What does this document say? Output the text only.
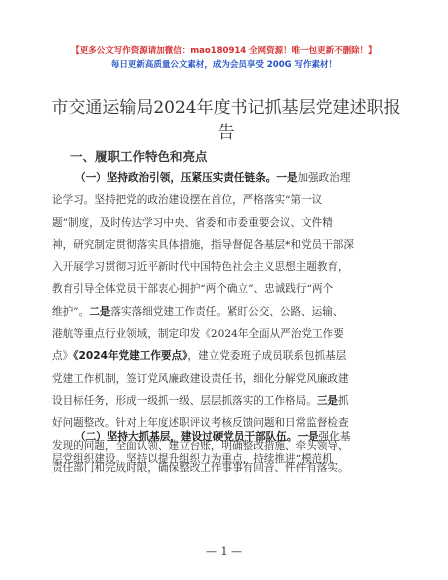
【更多公文写作资源请加微信：mao180914 全网资源！唯一包更新不删除！】
每日更新高质量公文素材，成为会员享受 200G 写作素材！
市交通运输局2024年度书记抓基层党建述职报
告
一、履职工作特色和亮点
（一）坚持政治引领，压紧压实责任链条。一是加强政治理
论学习。坚持把党的政治建设摆在首位，严格落实“第一议
题”制度，及时传达学习中央、省委和市委重要会议、文件精
神，研究制定贯彻落实具体措施，指导督促各基层*和党员干部深
入开展学习贯彻习近平新时代中国特色社会主义思想主题教育，
教育引导全体党员干部衷心拥护“两个确立”、忠诚践行“两个
维护”。二是落实落细党建工作责任。紧盯公交、公路、运输、
港航等重点行业领域，制定印发《2024年全面从严治党工作要
点》《2024年党建工作要点》，建立党委班子成员联系包抓基层
党建工作机制，签订党风廉政建设责任书，细化分解党风廉政建
设目标任务，形成一级抓一级、层层抓落实的工作格局。三是抓
好问题整改。针对上年度述职评议考核反馈问题和日常监督检查
发现的问题，全面认领、建立台账，明确整改措施、牵头领导、
责任部门和完成时限，确保整改工作事事有回音、件件有落实。
（二）坚持大抓基层，建设过硬党员干部队伍。一是强化基
层党组织建设。坚持以提升组织力为重点，持续推进“模范机
— 1 —
